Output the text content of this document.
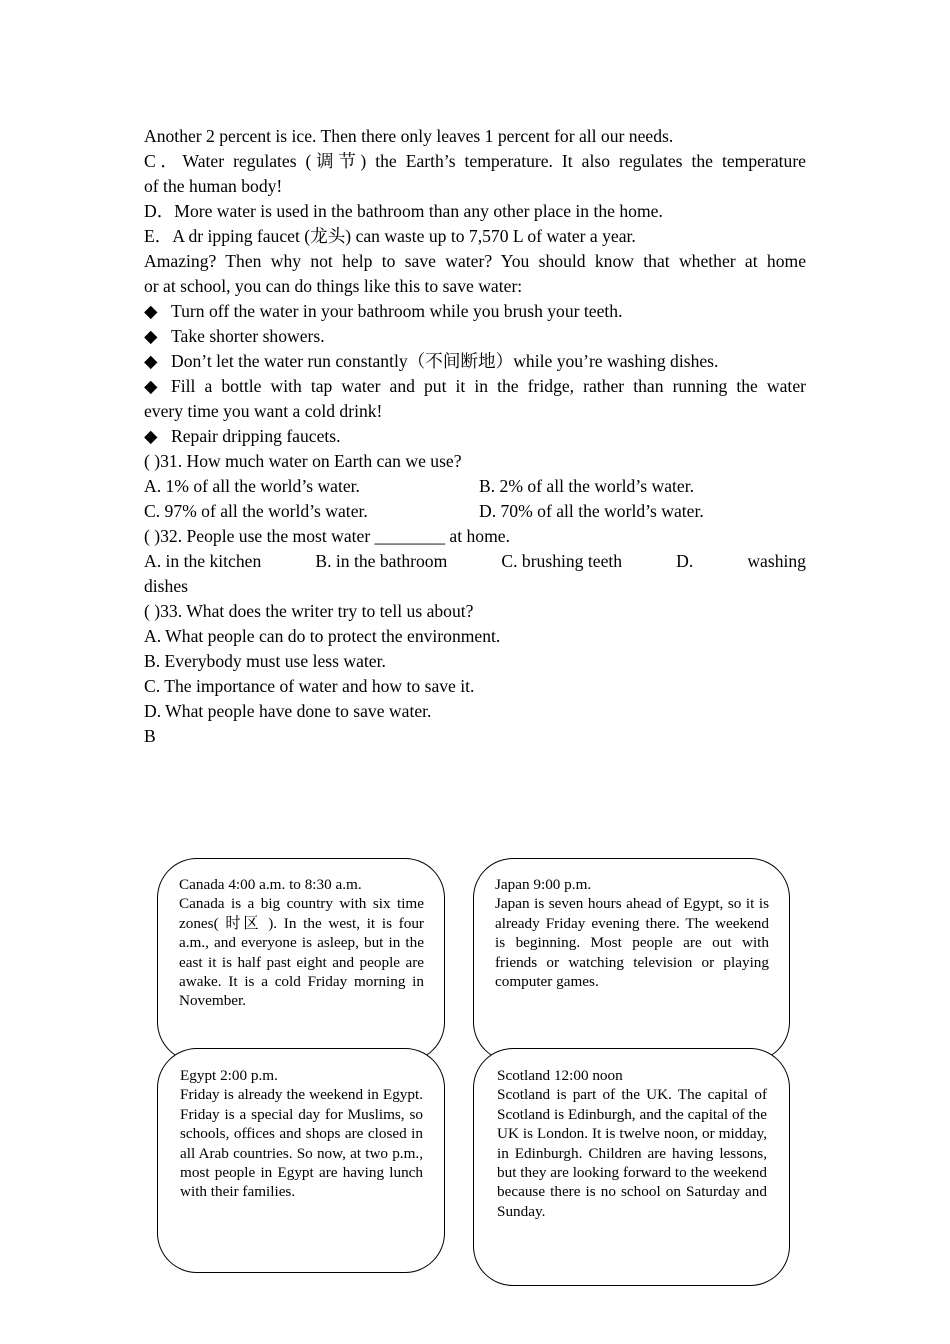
Another 2 percent is ice. Then there only leaves 1 percent for all our needs.

C．Water regulates (调节) the Earth’s temperature. It also regulates the temperature

of the human body!

D．More water is used in the bathroom than any other place in the home.

E．A dr ipping faucet (龙头) can waste up to 7,570 L of water a year.

Amazing? Then why not help to save water? You should know that whether at home

or at school, you can do things like this to save water:

◆ Turn off the water in your bathroom while you brush your teeth.

◆ Take shorter showers.

◆ Don’t let the water run constantly（不间断地）while you’re washing dishes.

◆ Fill a bottle with tap water and put it in the fridge, rather than running the water

every time you want a cold drink!

◆ Repair dripping faucets.

( )31. How much water on Earth can we use?

A. 1% of all the world’s water.	B. 2% of all the world’s water.
C. 97% of all the world’s water.	D. 70% of all the world’s water.

( )32. People use the most water ________ at home.

A. in the kitchen	B. in the bathroom	C. brushing teeth	D.	washing

dishes

( )33. What does the writer try to tell us about?

A. What people can do to protect the environment.

B. Everybody must use less water.

C. The importance of water and how to save it.

D. What people have done to save water.

B

Canada 4:00 a.m. to 8:30 a.m.

Canada is a big country with six time zones( 时区 ). In the west, it is four a.m., and everyone is asleep, but in the east it is half past eight and people are awake. It is a cold Friday morning in November.

Japan 9:00 p.m.

Japan is seven hours ahead of Egypt, so it is already Friday evening there. The weekend is beginning. Most people are out with friends or watching television or playing computer games.

Egypt 2:00 p.m.

Friday is already the weekend in Egypt. Friday is a special day for Muslims, so schools, offices and shops are closed in all Arab countries. So now, at two p.m., most people in Egypt are having lunch with their families.

Scotland 12:00 noon

Scotland is part of the UK. The capital of Scotland is Edinburgh, and the capital of the UK is London. It is twelve noon, or midday, in Edinburgh. Children are having lessons, but they are looking forward to the weekend because there is no school on Saturday and Sunday.
